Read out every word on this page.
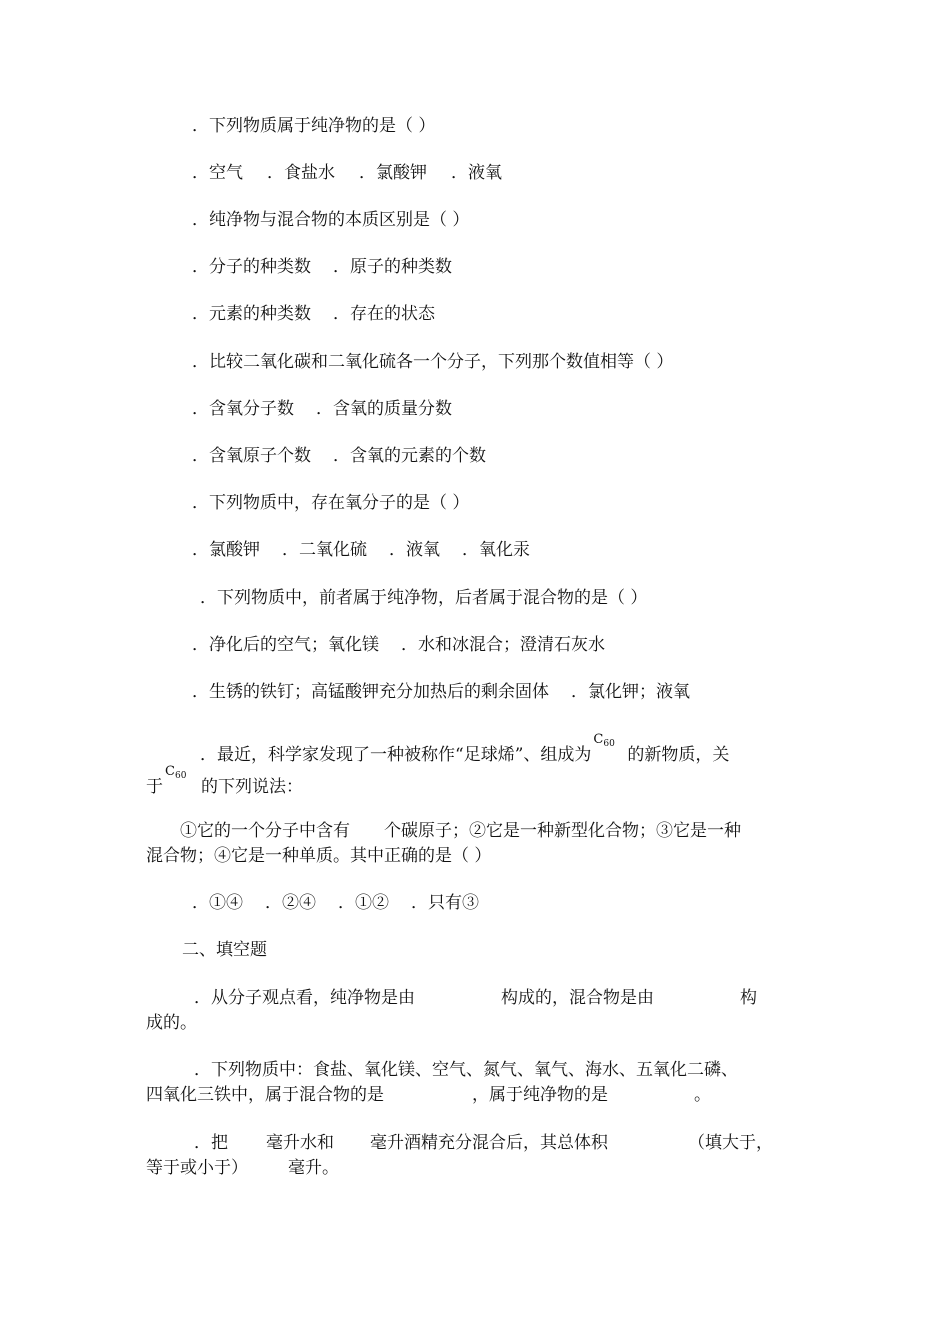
．下列物质属于纯净物的是（ ）
．空气 ．食盐水 ．氯酸钾 ．液氧
．纯净物与混合物的本质区别是（ ）
．分子的种类数 ．原子的种类数
．元素的种类数 ．存在的状态
．比较二氧化碳和二氧化硫各一个分子，下列那个数值相等（ ）
．含氧分子数 ．含氧的质量分数
．含氧原子个数 ．含氧的元素的个数
．下列物质中，存在氧分子的是（ ）
．氯酸钾 ．二氧化硫 ．液氧 ．氧化汞
．下列物质中，前者属于纯净物，后者属于混合物的是（ ）
．净化后的空气；氧化镁 ．水和冰混合；澄清石灰水
．生锈的铁钉；高锰酸钾充分加热后的剩余固体 ．氯化钾；液氧
．最近，科学家发现了一种被称作“足球烯”、组成为
C 60
的新物质，关
于
C 60
的下列说法：
①它的一个分子中含有 个碳原子；②它是一种新型化合物；③它是一种
混合物；④它是一种单质。其中正确的是（ ）
．①④ ．②④ ．①② ．只有③
二、填空题
．从分子观点看，纯净物是由	构成的，混合物是由	构
成的。
．下列物质中：食盐、氧化镁、空气、氮气、氧气、海水、五氧化二磷、
四氧化三铁中，属于混合物的是	，属于纯净物的是	。
．把 毫升水和 毫升酒精充分混合后，其总体积	（填大于，
等于或小于） 毫升。
